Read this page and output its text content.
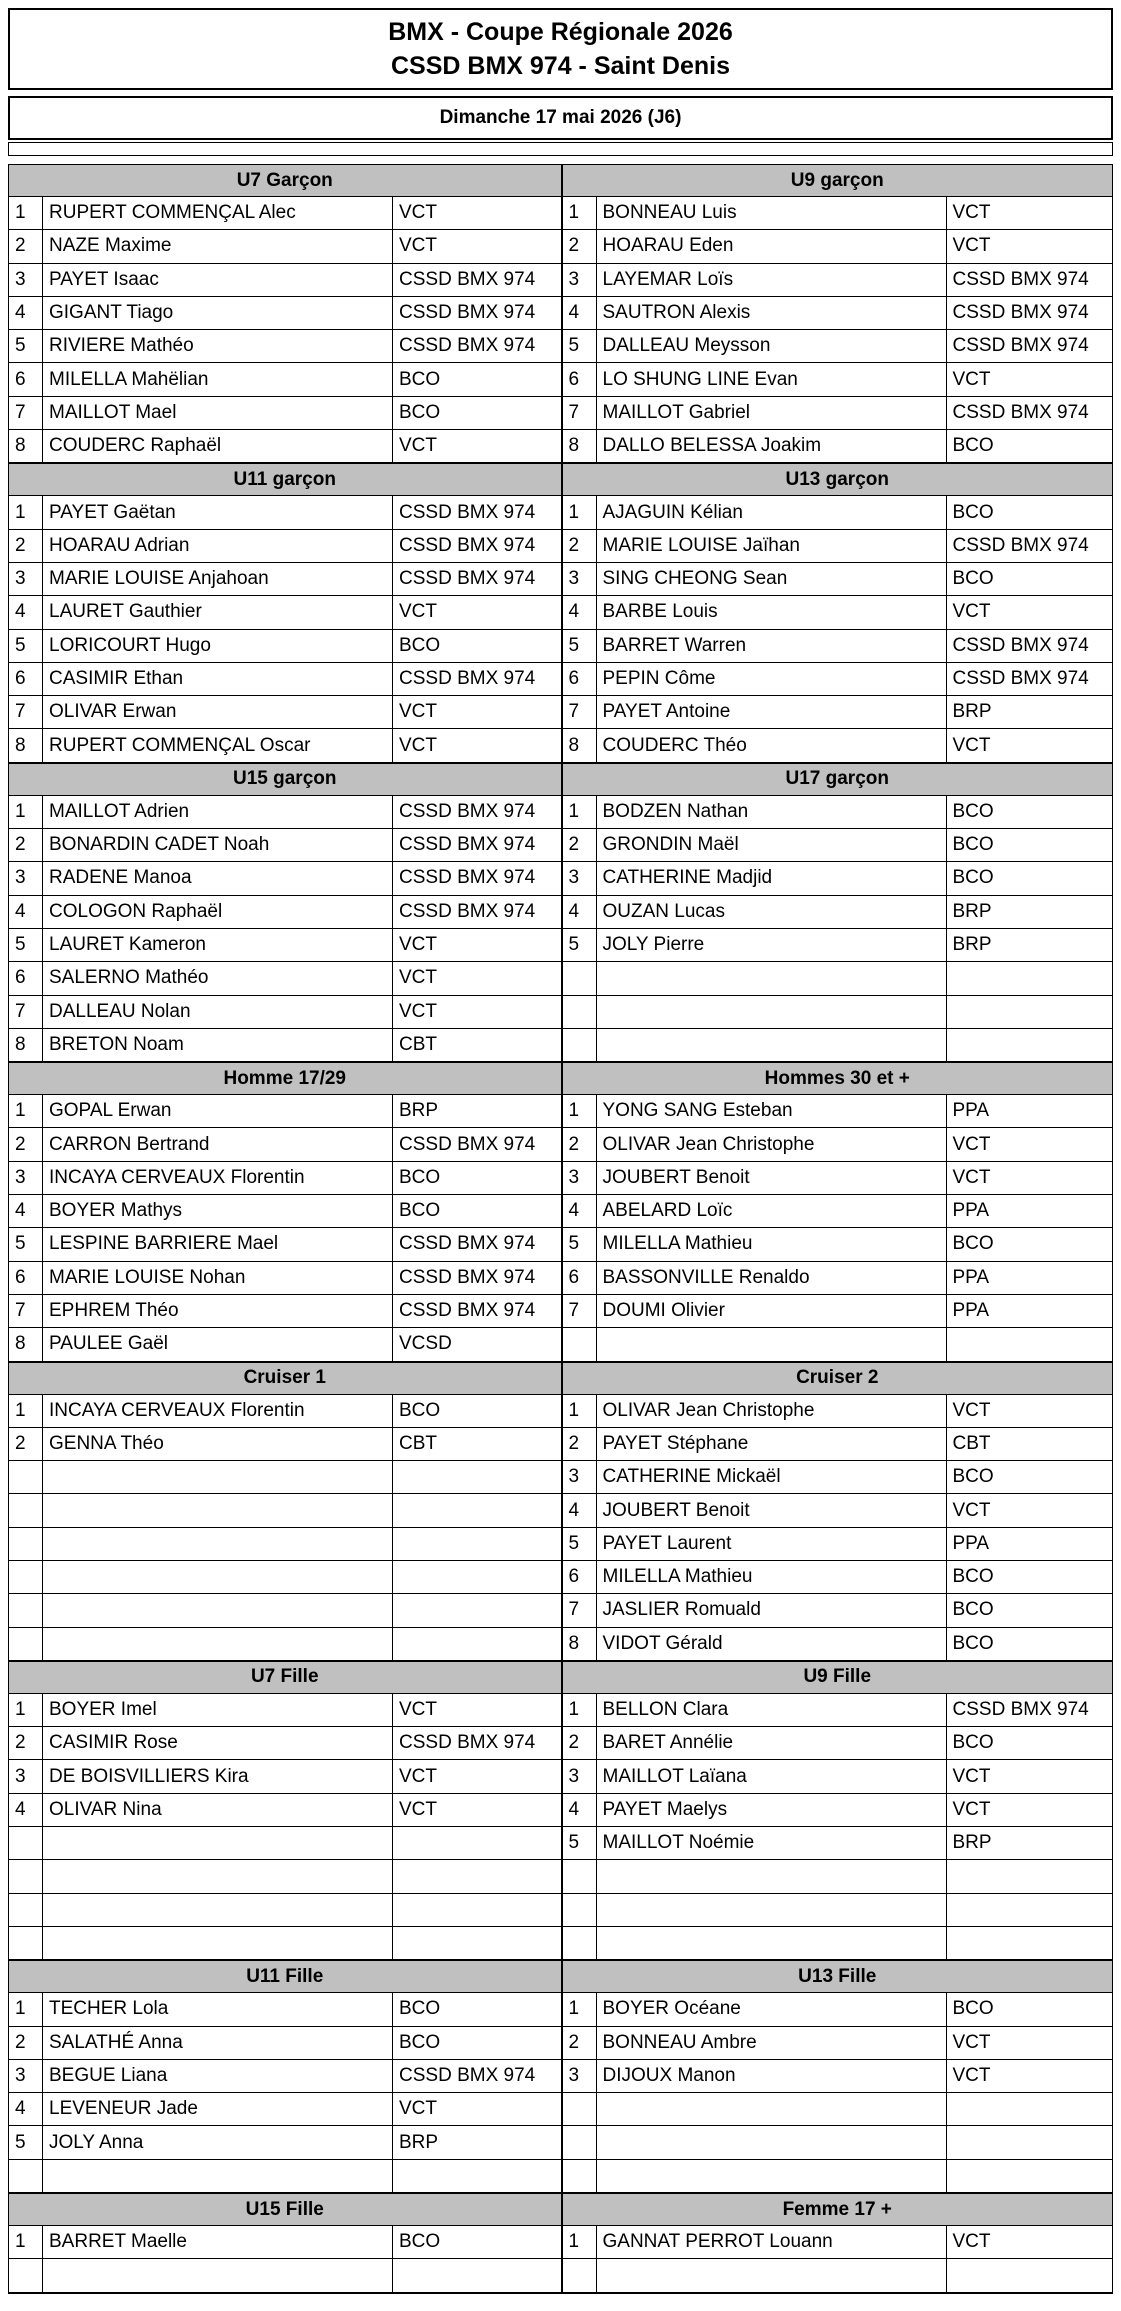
BMX - Coupe Régionale 2026
CSSD BMX 974 - Saint Denis
Dimanche 17 mai 2026 (J6)
U7 Garçon
1	RUPERT COMMENÇAL Alec	VCT
2	NAZE Maxime	VCT
3	PAYET Isaac	CSSD BMX 974
4	GIGANT Tiago	CSSD BMX 974
5	RIVIERE Mathéo	CSSD BMX 974
6	MILELLA Mahëlian	BCO
7	MAILLOT Mael	BCO
8	COUDERC Raphaël	VCT
U9 garçon
1	BONNEAU Luis	VCT
2	HOARAU Eden	VCT
3	LAYEMAR Loïs	CSSD BMX 974
4	SAUTRON Alexis	CSSD BMX 974
5	DALLEAU Meysson	CSSD BMX 974
6	LO SHUNG LINE Evan	VCT
7	MAILLOT Gabriel	CSSD BMX 974
8	DALLO BELESSA Joakim	BCO
U11 garçon
1	PAYET Gaëtan	CSSD BMX 974
2	HOARAU Adrian	CSSD BMX 974
3	MARIE LOUISE Anjahoan	CSSD BMX 974
4	LAURET Gauthier	VCT
5	LORICOURT Hugo	BCO
6	CASIMIR Ethan	CSSD BMX 974
7	OLIVAR Erwan	VCT
8	RUPERT COMMENÇAL Oscar	VCT
U13 garçon
1	AJAGUIN Kélian	BCO
2	MARIE LOUISE Jaïhan	CSSD BMX 974
3	SING CHEONG Sean	BCO
4	BARBE Louis	VCT
5	BARRET Warren	CSSD BMX 974
6	PEPIN Côme	CSSD BMX 974
7	PAYET Antoine	BRP
8	COUDERC Théo	VCT
U15 garçon
1	MAILLOT Adrien	CSSD BMX 974
2	BONARDIN CADET Noah	CSSD BMX 974
3	RADENE Manoa	CSSD BMX 974
4	COLOGON Raphaël	CSSD BMX 974
5	LAURET Kameron	VCT
6	SALERNO Mathéo	VCT
7	DALLEAU Nolan	VCT
8	BRETON Noam	CBT
U17 garçon
1	BODZEN Nathan	BCO
2	GRONDIN Maël	BCO
3	CATHERINE Madjid	BCO
4	OUZAN Lucas	BRP
5	JOLY Pierre	BRP
Homme 17/29
1	GOPAL Erwan	BRP
2	CARRON Bertrand	CSSD BMX 974
3	INCAYA CERVEAUX Florentin	BCO
4	BOYER Mathys	BCO
5	LESPINE BARRIERE Mael	CSSD BMX 974
6	MARIE LOUISE Nohan	CSSD BMX 974
7	EPHREM Théo	CSSD BMX 974
8	PAULEE Gaël	VCSD
Hommes 30 et +
1	YONG SANG Esteban	PPA
2	OLIVAR Jean Christophe	VCT
3	JOUBERT Benoit	VCT
4	ABELARD Loïc	PPA
5	MILELLA Mathieu	BCO
6	BASSONVILLE Renaldo	PPA
7	DOUMI Olivier	PPA
Cruiser 1
1	INCAYA CERVEAUX Florentin	BCO
2	GENNA Théo	CBT
Cruiser 2
1	OLIVAR Jean Christophe	VCT
2	PAYET Stéphane	CBT
3	CATHERINE Mickaël	BCO
4	JOUBERT Benoit	VCT
5	PAYET Laurent	PPA
6	MILELLA Mathieu	BCO
7	JASLIER Romuald	BCO
8	VIDOT Gérald	BCO
U7 Fille
1	BOYER Imel	VCT
2	CASIMIR Rose	CSSD BMX 974
3	DE BOISVILLIERS Kira	VCT
4	OLIVAR Nina	VCT
U9 Fille
1	BELLON Clara	CSSD BMX 974
2	BARET Annélie	BCO
3	MAILLOT Laïana	VCT
4	PAYET Maelys	VCT
5	MAILLOT Noémie	BRP
U11 Fille
1	TECHER Lola	BCO
2	SALATHÉ Anna	BCO
3	BEGUE Liana	CSSD BMX 974
4	LEVENEUR Jade	VCT
5	JOLY Anna	BRP
U13 Fille
1	BOYER Océane	BCO
2	BONNEAU Ambre	VCT
3	DIJOUX Manon	VCT
U15 Fille
1	BARRET Maelle	BCO
Femme 17 +
1	GANNAT PERROT Louann	VCT
